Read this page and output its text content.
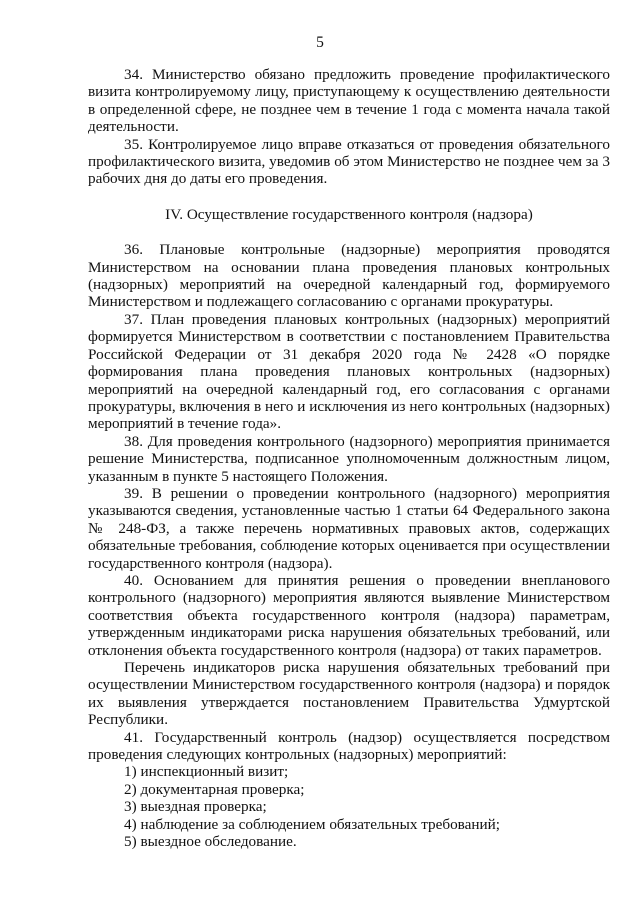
5

34. Министерство обязано предложить проведение профилактического визита контролируемому лицу, приступающему к осуществлению деятельности в определенной сфере, не позднее чем в течение 1 года с момента начала такой деятельности.

35. Контролируемое лицо вправе отказаться от проведения обязательного профилактического визита, уведомив об этом Министерство не позднее чем за 3 рабочих дня до даты его проведения.

IV. Осуществление государственного контроля (надзора)

36. Плановые контрольные (надзорные) мероприятия проводятся Министерством на основании плана проведения плановых контрольных (надзорных) мероприятий на очередной календарный год, формируемого Министерством и подлежащего согласованию с органами прокуратуры.

37. План проведения плановых контрольных (надзорных) мероприятий формируется Министерством в соответствии с постановлением Правительства Российской Федерации от 31 декабря 2020 года № 2428 «О порядке формирования плана проведения плановых контрольных (надзорных) мероприятий на очередной календарный год, его согласования с органами прокуратуры, включения в него и исключения из него контрольных (надзорных) мероприятий в течение года».

38. Для проведения контрольного (надзорного) мероприятия принимается решение Министерства, подписанное уполномоченным должностным лицом, указанным в пункте 5 настоящего Положения.

39. В решении о проведении контрольного (надзорного) мероприятия указываются сведения, установленные частью 1 статьи 64 Федерального закона № 248-ФЗ, а также перечень нормативных правовых актов, содержащих обязательные требования, соблюдение которых оценивается при осуществлении государственного контроля (надзора).

40. Основанием для принятия решения о проведении внепланового контрольного (надзорного) мероприятия являются выявление Министерством соответствия объекта государственного контроля (надзора) параметрам, утвержденным индикаторами риска нарушения обязательных требований, или отклонения объекта государственного контроля (надзора) от таких параметров.

Перечень индикаторов риска нарушения обязательных требований при осуществлении Министерством государственного контроля (надзора) и порядок их выявления утверждается постановлением Правительства Удмуртской Республики.

41. Государственный контроль (надзор) осуществляется посредством проведения следующих контрольных (надзорных) мероприятий:

1) инспекционный визит;

2) документарная проверка;

3) выездная проверка;

4) наблюдение за соблюдением обязательных требований;

5) выездное обследование.
